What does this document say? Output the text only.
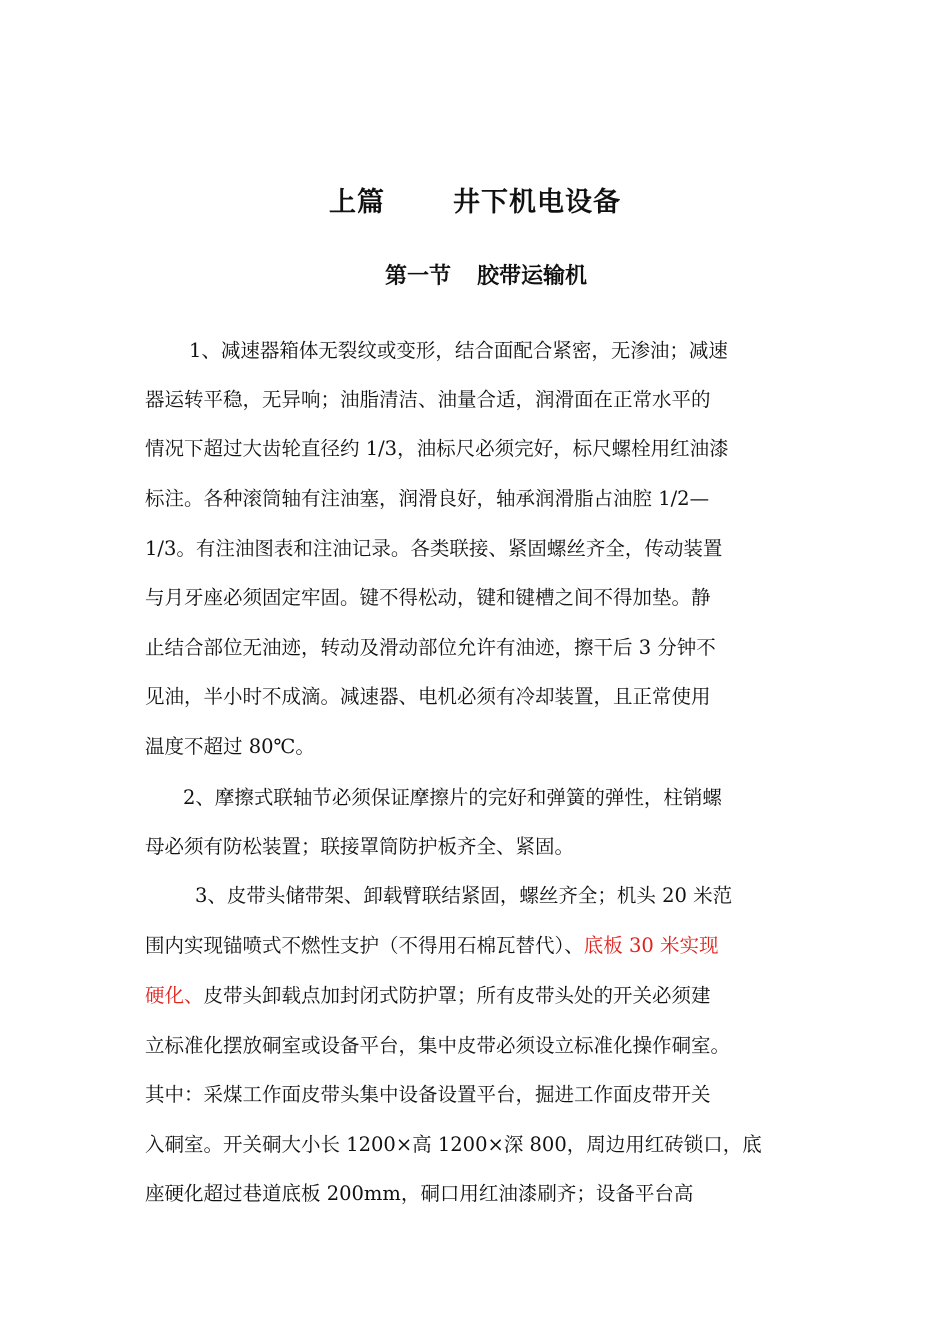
上篇	井下机电设备
第一节 胶带运输机
1、减速器箱体无裂纹或变形，结合面配合紧密，无渗油；减速
器运转平稳，无异响；油脂清洁、油量合适，润滑面在正常水平的
情况下超过大齿轮直径约 1/3，油标尺必须完好，标尺螺栓用红油漆
标注。各种滚筒轴有注油塞，润滑良好，轴承润滑脂占油腔 1/2—
1/3。有注油图表和注油记录。各类联接、紧固螺丝齐全，传动装置
与月牙座必须固定牢固。键不得松动，键和键槽之间不得加垫。静
止结合部位无油迹，转动及滑动部位允许有油迹，擦干后 3 分钟不
见油，半小时不成滴。减速器、电机必须有冷却装置，且正常使用
温度不超过 80℃。
2、摩擦式联轴节必须保证摩擦片的完好和弹簧的弹性，柱销螺
母必须有防松装置；联接罩筒防护板齐全、紧固。
3、皮带头储带架、卸载臂联结紧固，螺丝齐全；机头 20 米范
围内实现锚喷式不燃性支护（不得用石棉瓦替代）、底板 30 米实现
硬化、皮带头卸载点加封闭式防护罩；所有皮带头处的开关必须建
立标准化摆放硐室或设备平台，集中皮带必须设立标准化操作硐室。
其中：采煤工作面皮带头集中设备设置平台，掘进工作面皮带开关
入硐室。开关硐大小长 1200×高 1200×深 800，周边用红砖锁口，底
座硬化超过巷道底板 200mm，硐口用红油漆刷齐；设备平台高
